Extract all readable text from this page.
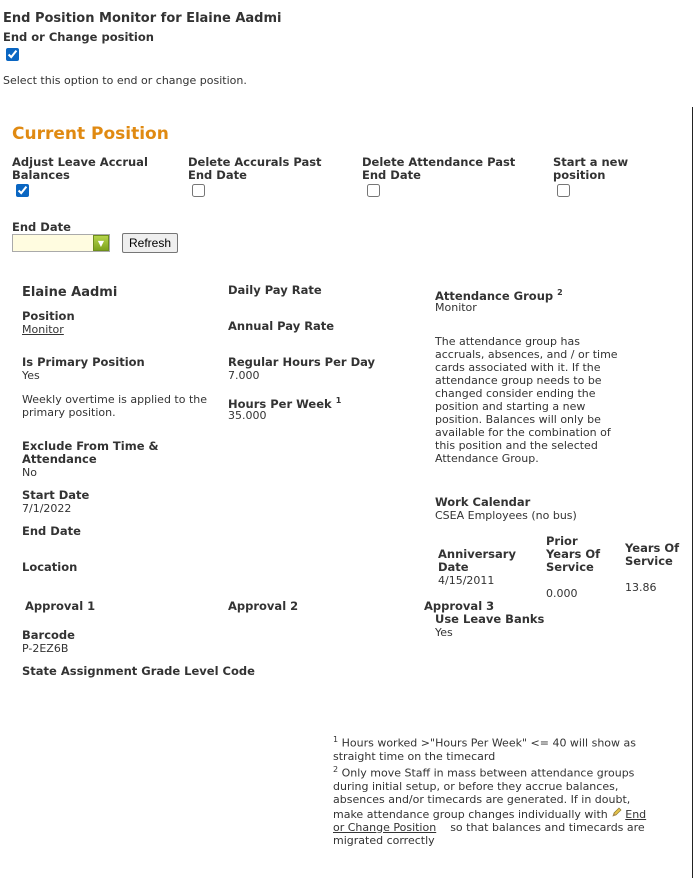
End Position Monitor for Elaine Aadmi
End or Change position
Select this option to end or change position.
Current Position
Adjust Leave Accrual Balances
Delete Accurals Past End Date
Delete Attendance Past End Date
Start a new position
End Date
▼	Refresh
Elaine Aadmi
Position
Monitor
Is Primary Position
Yes
Weekly overtime is applied to the primary position.
Exclude From Time & Attendance
No
Start Date
7/1/2022
End Date
Location
Daily Pay Rate
Annual Pay Rate
Regular Hours Per Day
7.000
Hours Per Week $^1$
35.000
Attendance Group $^2$
Monitor
The attendance group has accruals, absences, and / or time cards associated with it. If the attendance group needs to be changed consider ending the position and starting a new position. Balances will only be available for the combination of this position and the selected Attendance Group.
Work Calendar
CSEA Employees (no bus)
Anniversary Date
4/15/2011
Prior Years Of Service
0.000
Years Of Service
13.86
Approval 1	Approval 2	Approval 3
Use Leave Banks
Yes
Barcode
P-2EZ6B
State Assignment Grade Level Code
$^1$ Hours worked >"Hours Per Week" <= 40 will show as straight time on the timecard
$^2$ Only move Staff in mass between attendance groups during initial setup, or before they accrue balances, absences and/or timecards are generated. If in doubt, make attendance group changes individually with End or Change Position so that balances and timecards are migrated correctly
